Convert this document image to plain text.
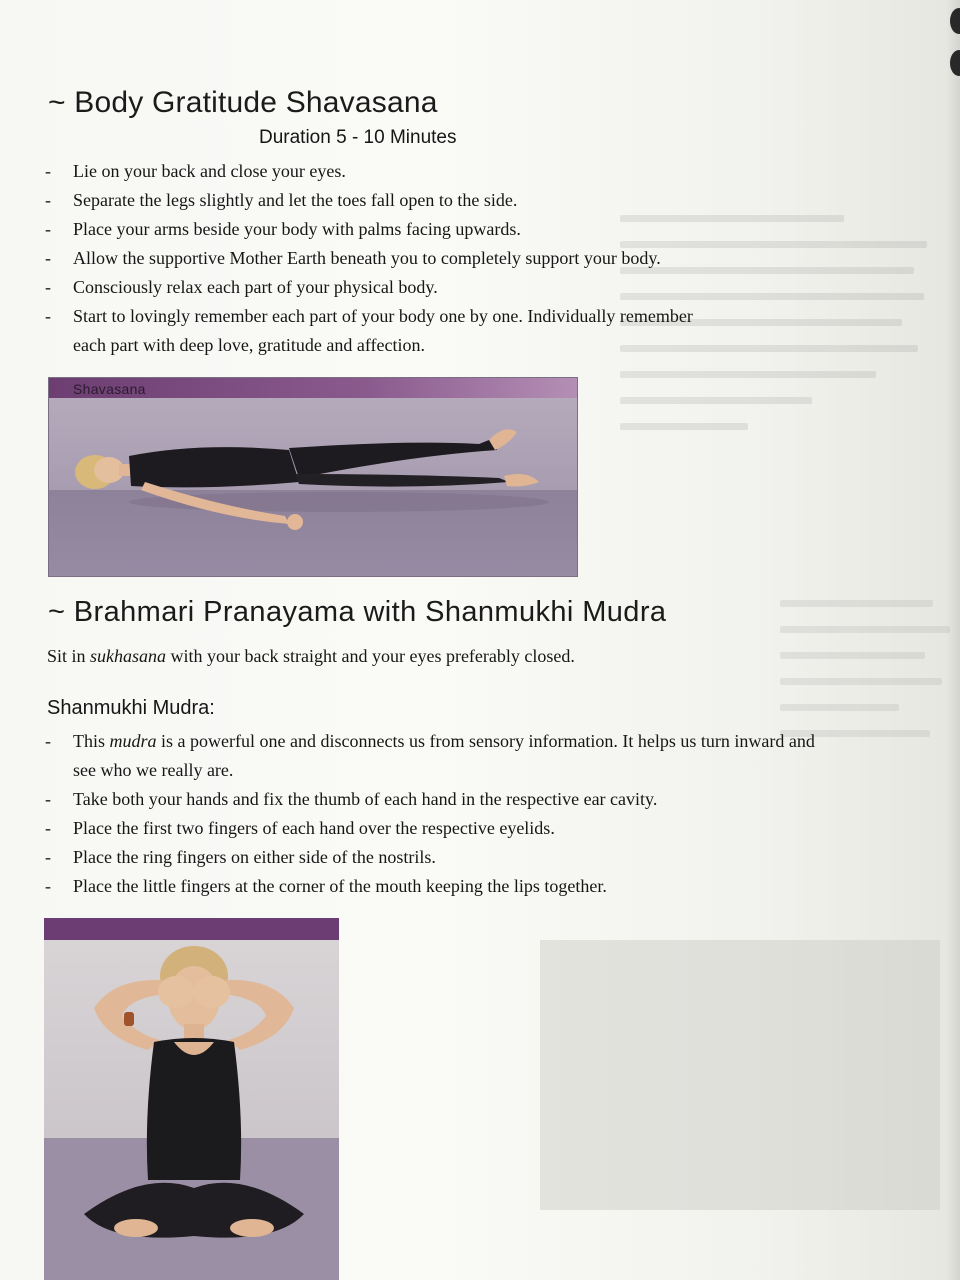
~ Body Gratitude Shavasana

Duration 5 - 10 Minutes

- Lie on your back and close your eyes.
- Separate the legs slightly and let the toes fall open to the side.
- Place your arms beside your body with palms facing upwards.
- Allow the supportive Mother Earth beneath you to completely support your body.
- Consciously relax each part of your physical body.
- Start to lovingly remember each part of your body one by one. Individually remember each part with deep love, gratitude and affection.
Shavasana
~ Brahmari Pranayama with Shanmukhi Mudra

Sit in sukhasana with your back straight and your eyes preferably closed.

Shanmukhi Mudra:
- This mudra is a powerful one and disconnects us from sensory information. It helps us turn inward and see who we really are.
- Take both your hands and fix the thumb of each hand in the respective ear cavity.
- Place the first two fingers of each hand over the respective eyelids.
- Place the ring fingers on either side of the nostrils.
- Place the little fingers at the corner of the mouth keeping the lips together.
